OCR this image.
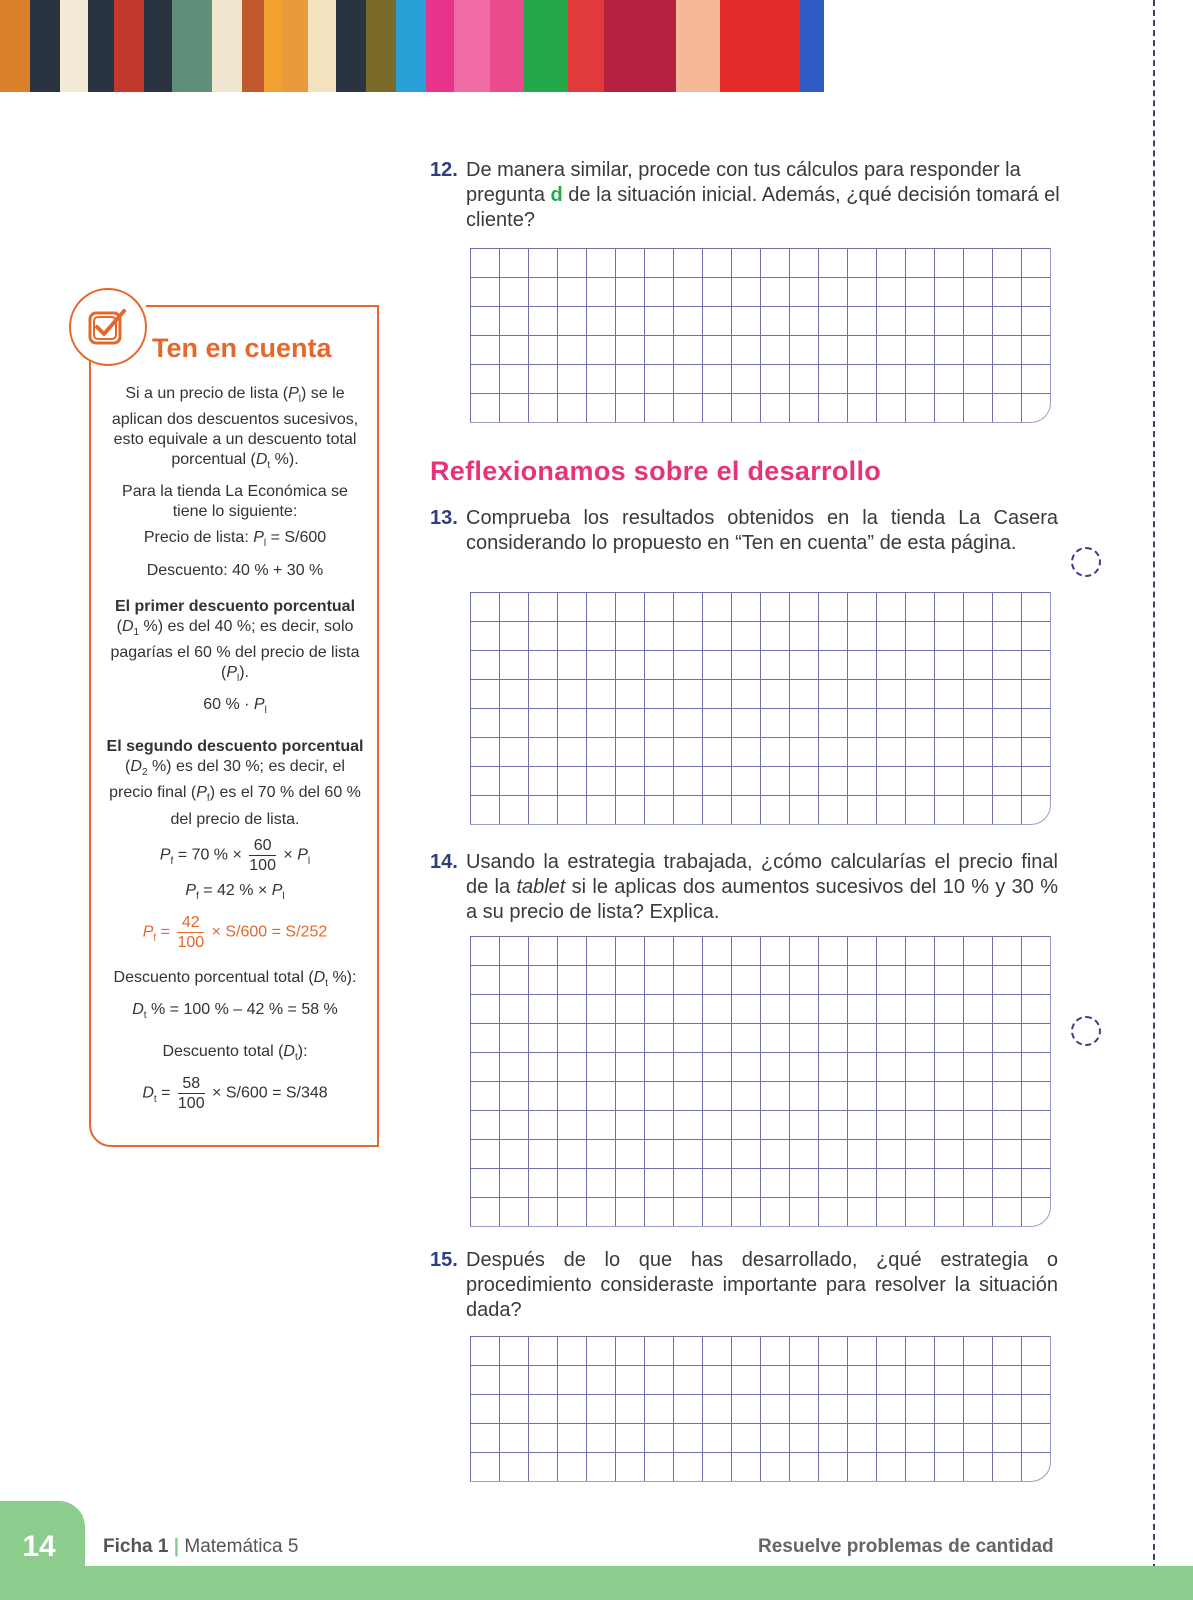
12. De manera similar, procede con tus cálculos para responder la pregunta d de la situación inicial. Además, ¿qué decisión tomará el cliente?
Reflexionamos sobre el desarrollo
13. Comprueba los resultados obtenidos en la tienda La Casera considerando lo propuesto en “Ten en cuenta” de esta página.
14. Usando la estrategia trabajada, ¿cómo calcularías el precio final de la tablet si le aplicas dos aumentos sucesivos del 10 % y 30 % a su precio de lista? Explica.
15. Después de lo que has desarrollado, ¿qué estrategia o procedimiento consideraste importante para resolver la situación dada?
Ten en cuenta

Si a un precio de lista $(P_l)$ se le aplican dos descuentos sucesivos, esto equivale a un descuento total porcentual ($D_t$ %).

Para la tienda La Económica se tiene lo siguiente:

Precio de lista: $P_l = S/600$

Descuento: 40 % + 30 %

El primer descuento porcentual ($D_1$ %) es del 40 %; es decir, solo pagarías el 60 % del precio de lista $(P_l)$.

60 % · $P_l$

El segundo descuento porcentual ($D_2$ %) es del 30 %; es decir, el precio final $(P_f)$ es el 70 % del 60 % del precio de lista.

$P_f = 70$ % × $\frac{60}{100} \times P_l$

$P_f = 42$ % × $P_l$

$P_f = \frac{42}{100} \times S/600 = S/252$

Descuento porcentual total ($D_t$ %):

$D_t$ % = 100 % – 42 % = 58 %

Descuento total $(D_t)$:

$D_t = \frac{58}{100} \times S/600 = S/348$

14	Ficha 1 | Matemática 5	Resuelve problemas de cantidad
